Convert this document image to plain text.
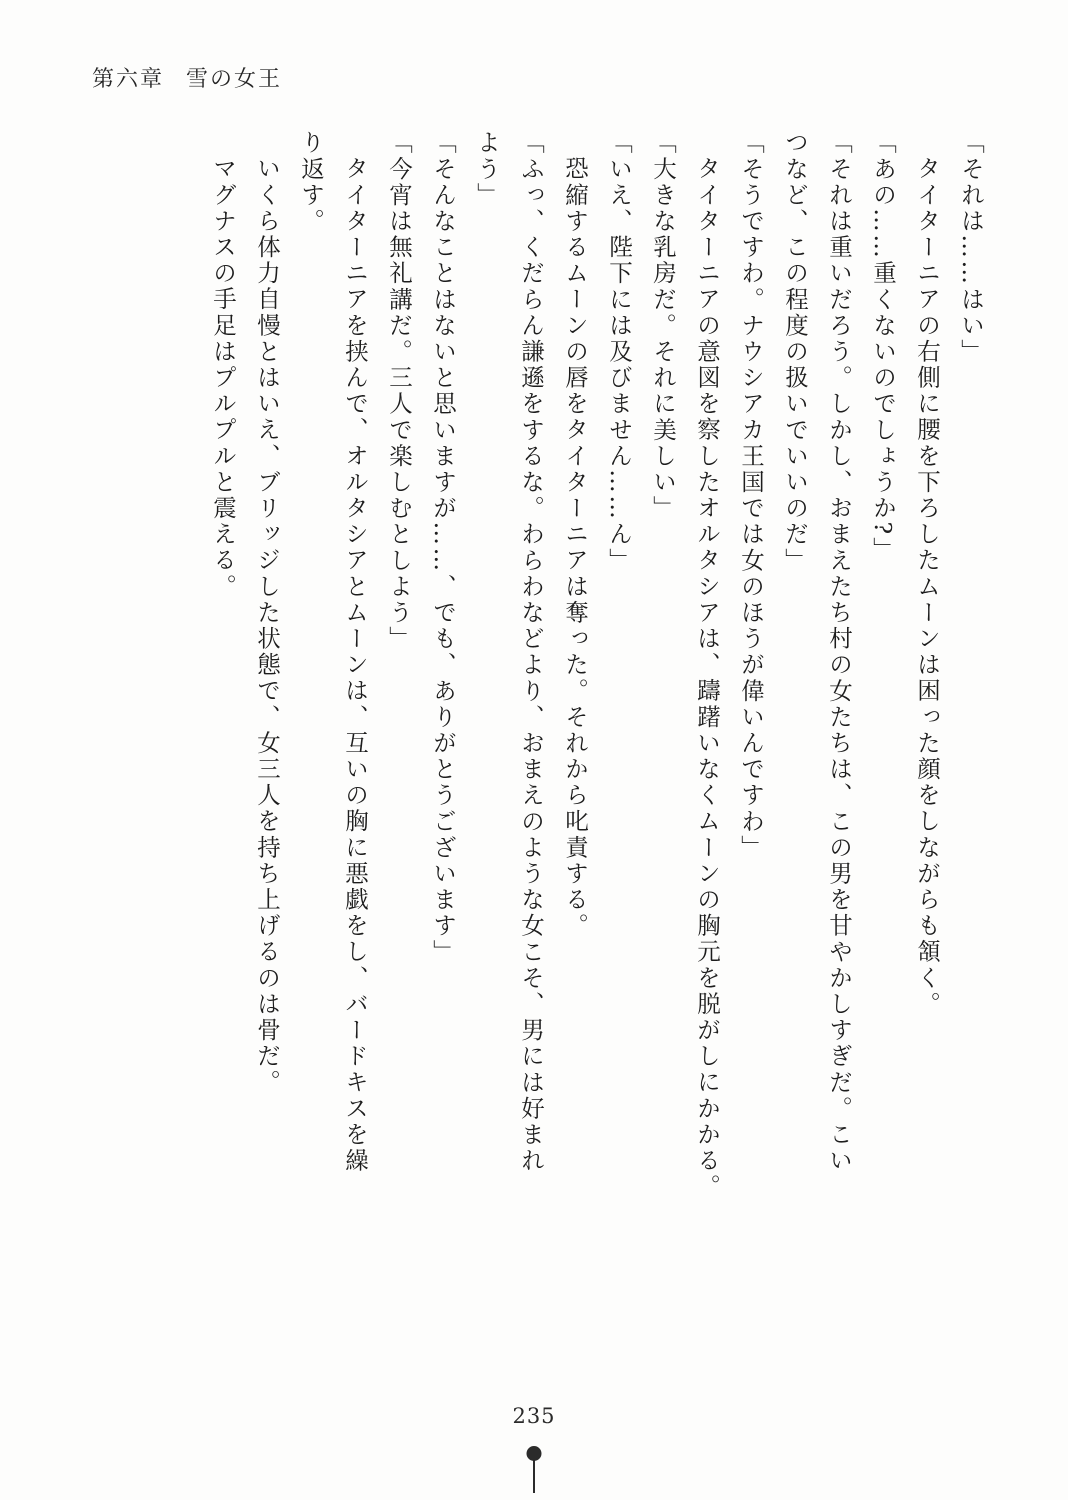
第六章 雪の女王
「それは……はい」
タイターニアの右側に腰を下ろしたムーンは困った顔をしながらも頷く。
「あの……重くないのでしょうか?」
「それは重いだろう。しかし、おまえたち村の女たちは、この男を甘やかしすぎだ。こい
つなど、この程度の扱いでいいのだ」
「そうですわ。ナウシアカ王国では女のほうが偉いんですわ」
タイターニアの意図を察したオルタシアは、躊躇いなくムーンの胸元を脱がしにかかる。
「大きな乳房だ。それに美しい」
「いえ、陛下には及びません……ん」
恐縮するムーンの唇をタイターニアは奪った。それから叱責する。
「ふっ、くだらん謙遜をするな。わらわなどより、おまえのような女こそ、男には好まれ
よう」
「そんなことはないと思いますが……、でも、ありがとうございます」
「今宵は無礼講だ。三人で楽しむとしよう」
タイターニアを挟んで、オルタシアとムーンは、互いの胸に悪戯をし、バードキスを繰
り返す。
いくら体力自慢とはいえ、ブリッジした状態で、女三人を持ち上げるのは骨だ。
マグナスの手足はプルプルと震える。
235
